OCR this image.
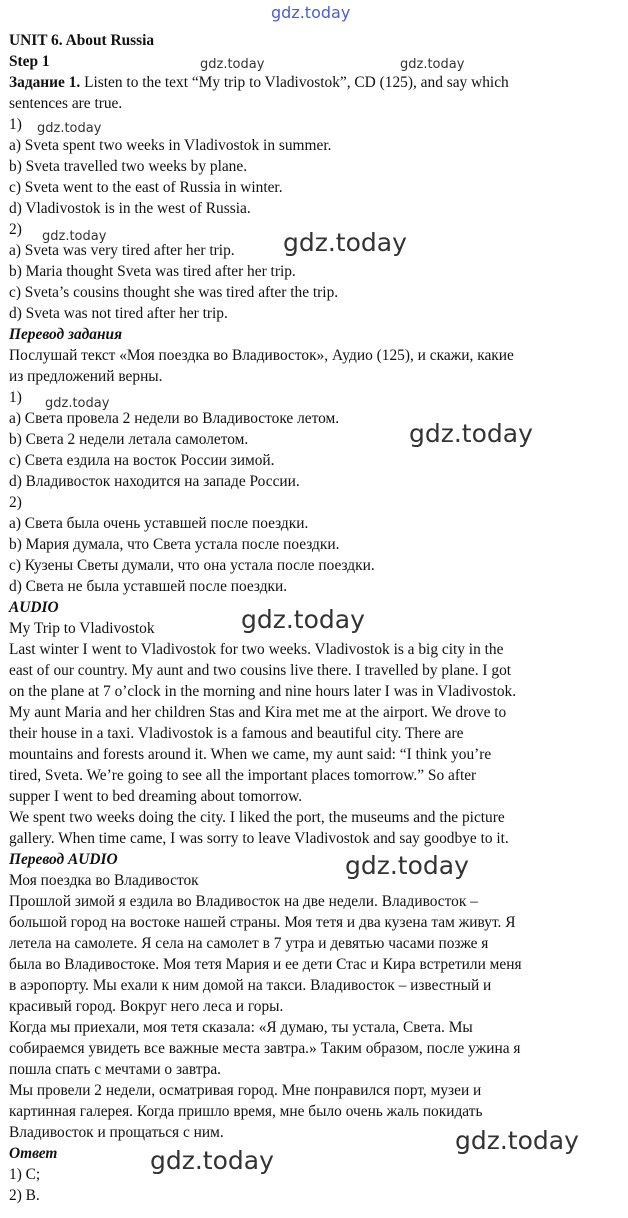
gdz.today
gdz.today	gdz.today
gdz.today
gdz.today	gdz.today
gdz.today
gdz.today
gdz.today
gdz.today
gdz.today
gdz.today
UNIT 6. About Russia
Step 1
Задание 1. Listen to the text “My trip to Vladivostok”, CD (125), and say which
sentences are true.
1)
a) Sveta spent two weeks in Vladivostok in summer.
b) Sveta travelled two weeks by plane.
c) Sveta went to the east of Russia in winter.
d) Vladivostok is in the west of Russia.
2)
a) Sveta was very tired after her trip.
b) Maria thought Sveta was tired after her trip.
c) Sveta’s cousins thought she was tired after the trip.
d) Sveta was not tired after her trip.
Перевод задания
Послушай текст «Моя поездка во Владивосток», Аудио (125), и скажи, какие
из предложений верны.
1)
a) Света провела 2 недели во Владивостоке летом.
b) Света 2 недели летала самолетом.
c) Света ездила на восток России зимой.
d) Владивосток находится на западе России.
2)
a) Света была очень уставшей после поездки.
b) Мария думала, что Света устала после поездки.
c) Кузены Светы думали, что она устала после поездки.
d) Света не была уставшей после поездки.
AUDIO
My Trip to Vladivostok
Last winter I went to Vladivostok for two weeks. Vladivostok is a big city in the
east of our country. My aunt and two cousins live there. I travelled by plane. I got
on the plane at 7 o’clock in the morning and nine hours later I was in Vladivostok.
My aunt Maria and her children Stas and Kira met me at the airport. We drove to
their house in a taxi. Vladivostok is a famous and beautiful city. There are
mountains and forests around it. When we came, my aunt said: “I think you’re
tired, Sveta. We’re going to see all the important places tomorrow.” So after
supper I went to bed dreaming about tomorrow.
We spent two weeks doing the city. I liked the port, the museums and the picture
gallery. When time came, I was sorry to leave Vladivostok and say goodbye to it.
Перевод AUDIO
Моя поездка во Владивосток
Прошлой зимой я ездила во Владивосток на две недели. Владивосток –
большой город на востоке нашей страны. Моя тетя и два кузена там живут. Я
летела на самолете. Я села на самолет в 7 утра и девятью часами позже я
была во Владивостоке. Моя тетя Мария и ее дети Стас и Кира встретили меня
в аэропорту. Мы ехали к ним домой на такси. Владивосток – известный и
красивый город. Вокруг него леса и горы.
Когда мы приехали, моя тетя сказала: «Я думаю, ты устала, Света. Мы
собираемся увидеть все важные места завтра.» Таким образом, после ужина я
пошла спать с мечтами о завтра.
Мы провели 2 недели, осматривая город. Мне понравился порт, музеи и
картинная галерея. Когда пришло время, мне было очень жаль покидать
Владивосток и прощаться с ним.
Ответ
1) C;
2) B.
